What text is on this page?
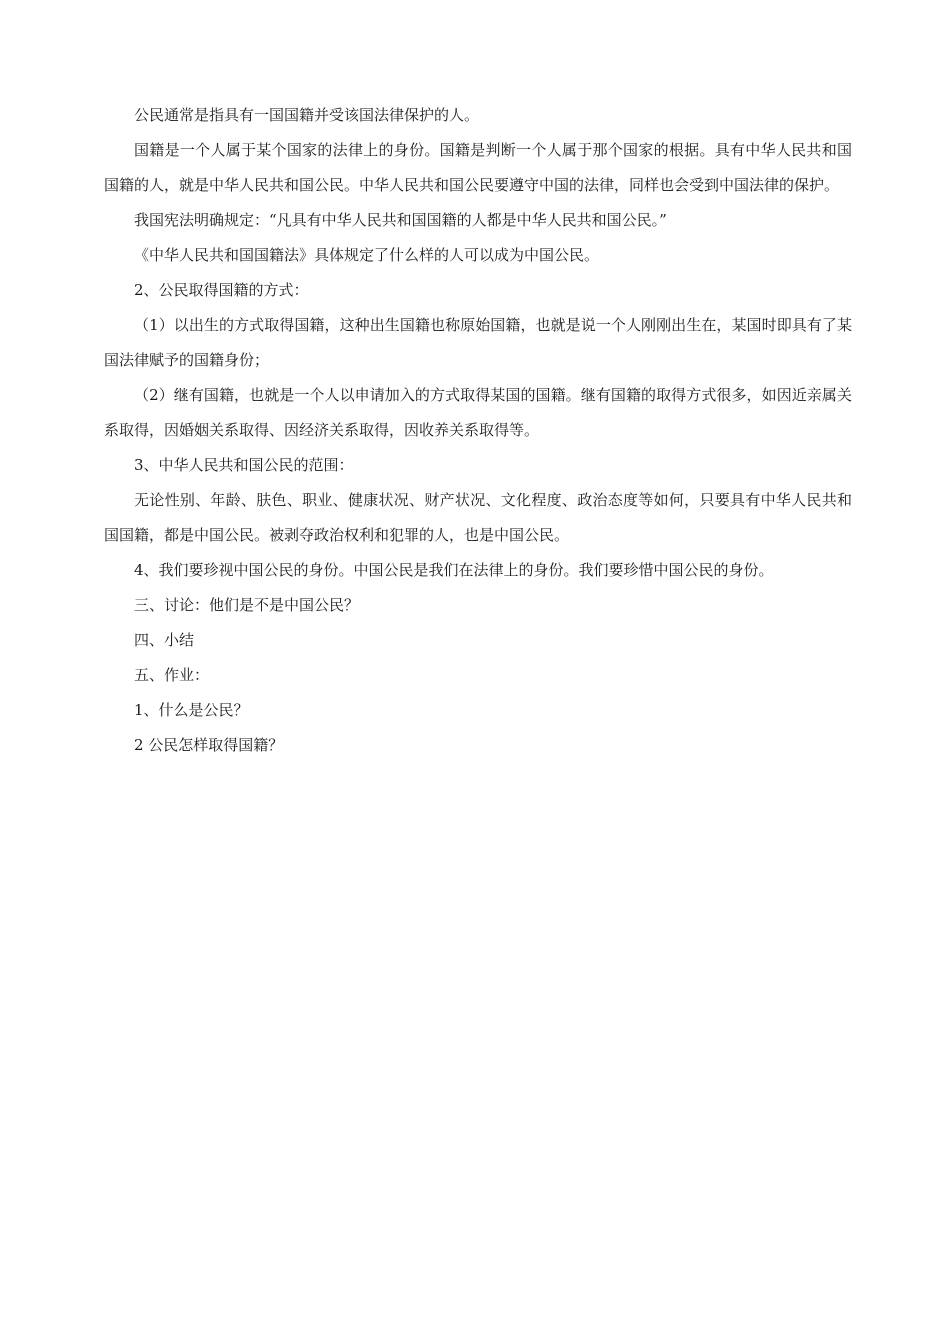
公民通常是指具有一国国籍并受该国法律保护的人。

国籍是一个人属于某个国家的法律上的身份。国籍是判断一个人属于那个国家的根据。具有中华人民共和国国籍的人，就是中华人民共和国公民。中华人民共和国公民要遵守中国的法律，同样也会受到中国法律的保护。

我国宪法明确规定：“凡具有中华人民共和国国籍的人都是中华人民共和国公民。”

《中华人民共和国国籍法》具体规定了什么样的人可以成为中国公民。

2、公民取得国籍的方式：

（1）以出生的方式取得国籍，这种出生国籍也称原始国籍，也就是说一个人刚刚出生在，某国时即具有了某国法律赋予的国籍身份；

（2）继有国籍，也就是一个人以申请加入的方式取得某国的国籍。继有国籍的取得方式很多，如因近亲属关系取得，因婚姻关系取得、因经济关系取得，因收养关系取得等。

3、中华人民共和国公民的范围：

无论性别、年龄、肤色、职业、健康状况、财产状况、文化程度、政治态度等如何，只要具有中华人民共和国国籍，都是中国公民。被剥夺政治权利和犯罪的人，也是中国公民。

4、我们要珍视中国公民的身份。中国公民是我们在法律上的身份。我们要珍惜中国公民的身份。

三、讨论：他们是不是中国公民？

四、小结

五、作业：

1、什么是公民？

2 公民怎样取得国籍？
